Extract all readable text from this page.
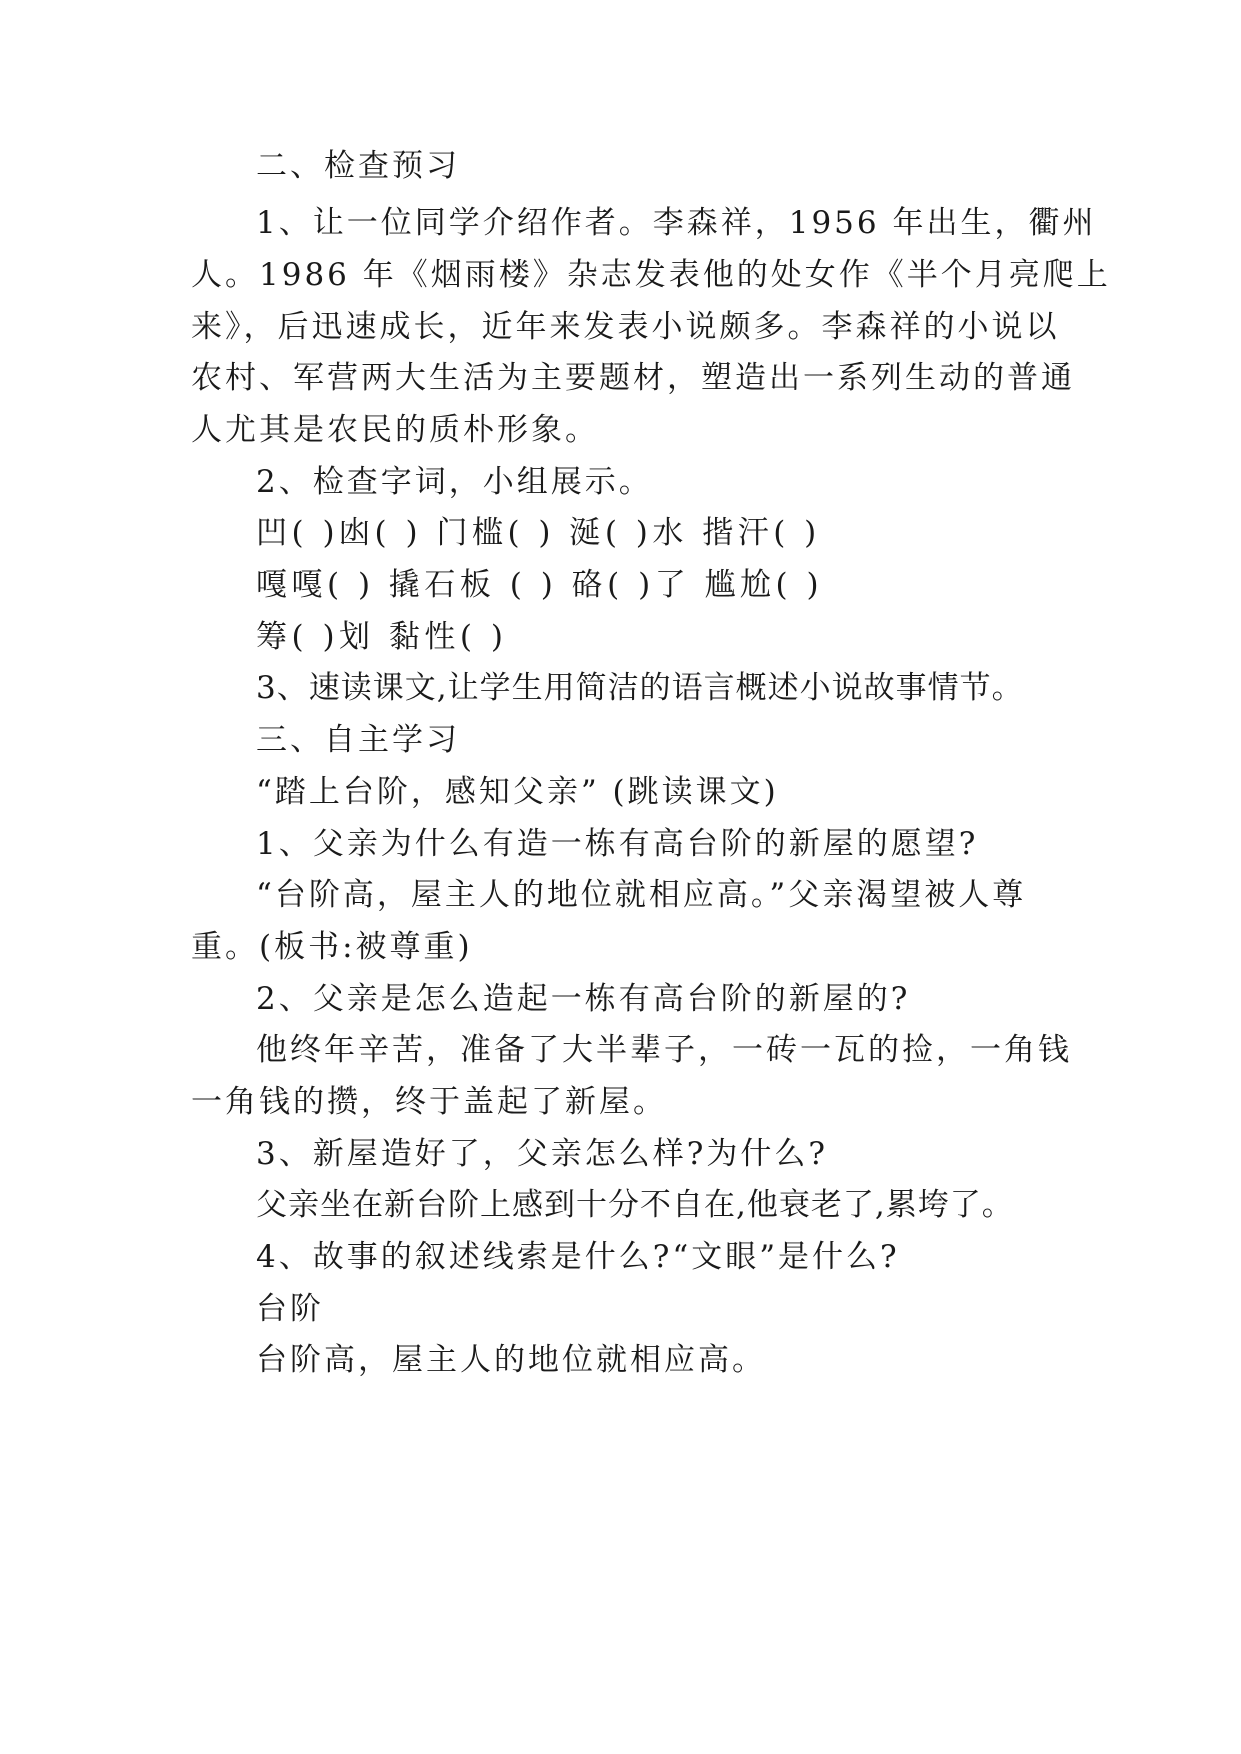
二、检查预习
1、让一位同学介绍作者。李森祥，1956 年出生，衢州
人。1986 年《烟雨楼》杂志发表他的处女作《半个月亮爬上
来》，后迅速成长，近年来发表小说颇多。李森祥的小说以
农村、军营两大生活为主要题材，塑造出一系列生动的普通
人尤其是农民的质朴形象。
2、检查字词，小组展示。
凹( )凼( ) 门槛( ) 涎( )水 揩汗( )
嘎嘎( ) 撬石板 ( ) 硌( )了 尴尬( )
筹( )划 黏性( )
3、速读课文,让学生用简洁的语言概述小说故事情节。
三、自主学习
“踏上台阶，感知父亲” (跳读课文)
1、父亲为什么有造一栋有高台阶的新屋的愿望?
“台阶高，屋主人的地位就相应高。”父亲渴望被人尊
重。(板书:被尊重)
2、父亲是怎么造起一栋有高台阶的新屋的?
他终年辛苦，准备了大半辈子，一砖一瓦的捡，一角钱
一角钱的攒，终于盖起了新屋。
3、新屋造好了，父亲怎么样?为什么?
父亲坐在新台阶上感到十分不自在,他衰老了,累垮了。
4、故事的叙述线索是什么?“文眼”是什么?
台阶
台阶高，屋主人的地位就相应高。
